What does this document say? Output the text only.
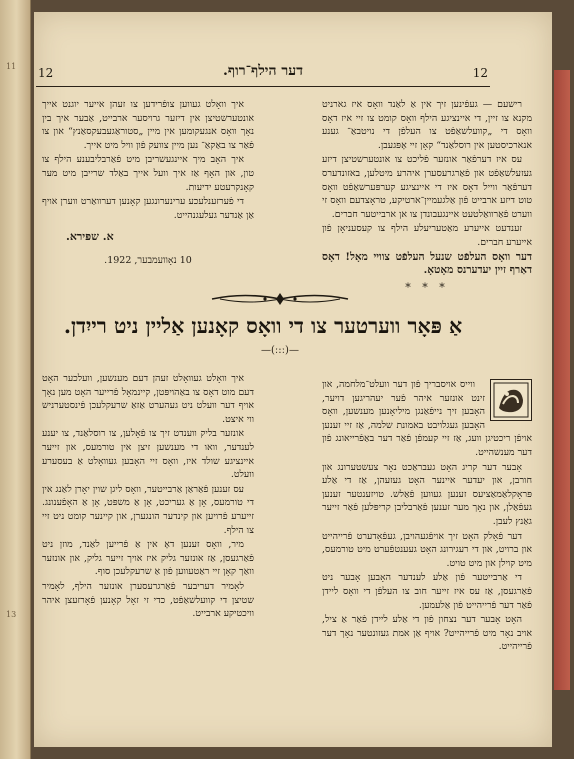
11
13
12
דער הילף־רוף.
12

רישעם — געפֿינען זיך אין אַ לאַנד וואָס איז גארניט מקנא צו זיין, די איינציגע הילף וואָס קומט צו זיי איז דאָס וואָס די „קוועלשאַפֿט צו העלפֿן די נויטבאַ־ גענע אנארכיסטען אין רוסלאַנד“ קאָן זיי אָפּגעבן.

עס איז דערפֿאַר אונזער פֿליכט צו אונטערשטיצן דיזע געזעלשאַפֿט און פֿאַרגרעסערן איהרע מיטלען, באזונדערס דערפֿאַר ווייל דאָס איז די איינציגע קערפּערשאַפֿט וואָס טוט דיזע ארבייט פֿון אַלגעמיין־ארטיקע, טראָצדעם וואָס זי ווערט פֿאַרוואַלטעט איינגעבונדן צו אן ארבייטער חברים.

זענדעט אייערע מאַטעריעלע הילף צו קעסעניאָן פֿון אייערע חברים.

דער וואָס העלפֿט שנעל העלפֿט צוויי מאָל! דאָס דאַרף זיין יעדערנס מאָטאָ.

* * *

איך וואָלט געווען צופֿרידען צו זעהן אייער יוגנט אייך אונטערשטיצן אין דיזער גרויסער ארבייט, אַבער איך בין נאָך וואָס אנגעקומען אין מיין „סטוראַגעבעקסאַנץ“ און צו פֿאַר צו באַקאַ־ נען מיין צוועק פֿון וויל מיט אייך.

איך האָב מיך איינגעשריבן מיט פֿאַרבליבענע הילף צו טון, און האָף אַז איך וועל אייך באַלד שרייבן מיט מער קאָנקרעטע ידיעות.

די פֿערזענלעכע ערינערונגען קאָנען דערוואַרט ווערן אויף אַן אַנדער געלעגנהייט.

א. שפּירא.
10 נאָוועמבער, 1922.
אַ פּאָר ווערטער צו די וואָס קאָנען אַליין ניט רייִדן.
—(ː:ː)—

ווייס אויסבריך פֿון דער וועלט־מלחמה, און זינט אונזער איהר פֿער יעהריגען דויער, האָבען זיך נייפֿאַנגן מיליאָנען מענשען, וואָס האָבען געגלויבט באמונת שלמה, אַז זיי זענען אויפֿן ריכטיגן וועג, אַז זיי קעמפֿן פֿאַר דער באַפֿרייאונג פֿון דער מענשהייט.

אָבער דער קריג האָט געבראַכט נאָר צעשטערונג און חורבן, און יעדער איינער האָט געזעהן, אַז די אַלע פּראָקלאַמאַציעס זענען געווען פֿאַלש. טויזענטער זענען געפֿאַלן, און נאָך מער זענען פֿאַרבליבן קריפּלען פֿאַר זייער גאַנץ לעבן.

דער פֿאָלק האָט זיך אויפֿגעהויבן, געפֿאָדערט פֿרייהייט און ברויט, און די רעגירונג האָט געענטפֿערט מיט טורמעס, מיט קוילן און מיט טויט.

די אַרבייטער פֿון אַלע לענדער האָבען אָבער ניט פֿאַרגעסן, אַז עס איז זייער חוב צו העלפֿן די וואָס ליידן פֿאַר דער פֿרייהייט פֿון אַלעמען.

האָט אָבער דער נצחון פֿון די אַלע ליידן פֿאַר אַ ציל, אויב נאָר מיט פֿרייהייט? אויף אַן אמת געזונטער נאָך דער פֿרייהייט.

איך וואָלט געוואָלט זעהן דעם מענשען, וועלכער האָט דעם מוט דאָס צו באַהויפּטן, קיינמאָל פֿרייער האָט מען נאָך אויף דער וועלט ניט געהערט אַזאַ שרעקלעכן פֿינסטערניש ווי איצט.

אונזער בליק ווענדט זיך צו פֿאָלען, צו רוסלאַנד, צו יענע לענדער, וואו די מענשען זיצן אין טורמעס, און זייער איינציגע שולד איז, וואָס זיי האָבען געוואָלט אַ בעסערע וועלט.

עס זענען פֿאַראַן אַרבייטער, וואָס ליגן שוין יאָרן לאַנג אין די טורמעס, אָן אַ געריכט, אָן אַ משפּט, אָן אַ האָפֿענונג. זייערע פֿרויען און קינדער הונגערן, און קיינער קומט ניט זיי צו הילף.

מיר, וואָס זענען דאָ אין אַ פֿרייען לאַנד, מוזן ניט פֿאַרגעסן, אַז אונזער גליק איז אויך זייער גליק, און אונזער וואַך קאָן זיי ראַטעווען פֿון אַ שרעקלעכן סוף.

לאָמיר דעריבער פֿאַרגרעסערן אונזער הילף, לאָמיר שטיצן די קוועלשאַפֿט, כדי זי זאָל קאָנען פֿאָרזעצן איהר וויכטיקע ארבייט.
